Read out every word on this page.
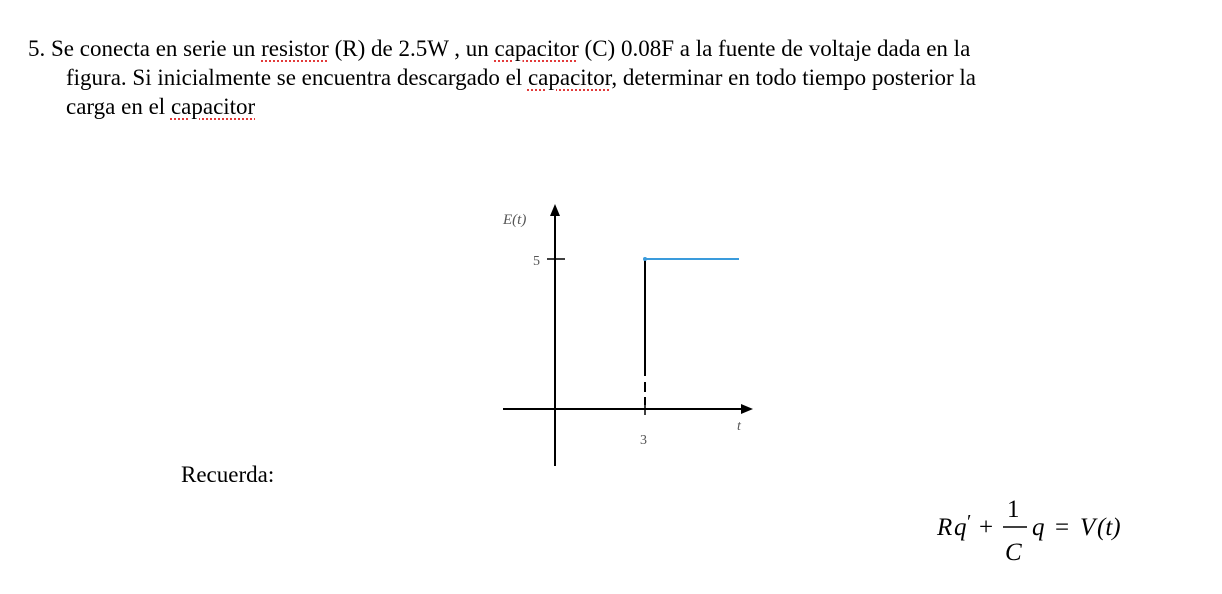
5. Se conecta en serie un resistor (R) de 2.5W , un capacitor (C) 0.08F a la fuente de voltaje dada en la
figura. Si inicialmente se encuentra descargado el capacitor, determinar en todo tiempo posterior la
carga en el capacitor
E(t)
5
3
t
Recuerda:
R q ′ +
1
C
q = V (t)
